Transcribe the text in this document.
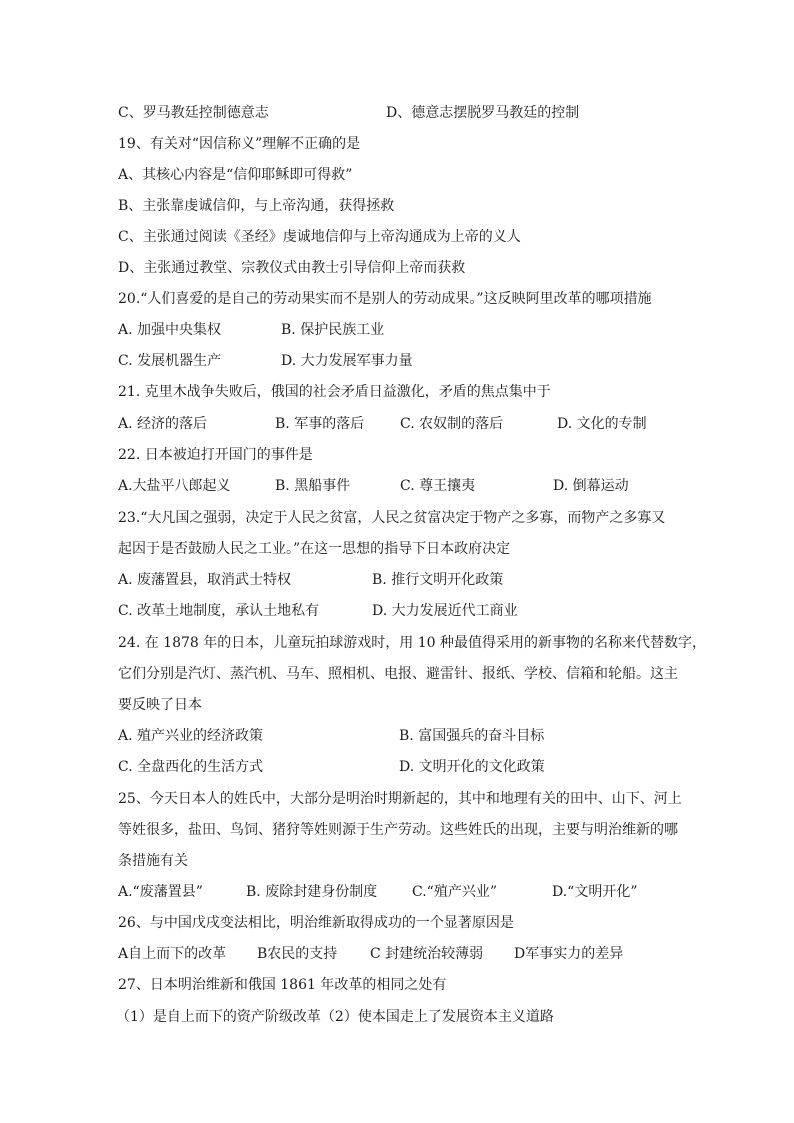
C、罗马教廷控制德意志	D、德意志摆脱罗马教廷的控制
19、有关对“因信称义”理解不正确的是
A、其核心内容是“信仰耶稣即可得救”
B、主张靠虔诚信仰，与上帝沟通，获得拯救
C、主张通过阅读《圣经》虔诚地信仰与上帝沟通成为上帝的义人
D、主张通过教堂、宗教仪式由教士引导信仰上帝而获救
20.“人们喜爱的是自己的劳动果实而不是别人的劳动成果。”这反映阿里改革的哪项措施
A. 加强中央集权	B. 保护民族工业
C. 发展机器生产	D. 大力发展军事力量
21. 克里木战争失败后，俄国的社会矛盾日益激化，矛盾的焦点集中于
A. 经济的落后	B. 军事的落后	C. 农奴制的落后	D. 文化的专制
22. 日本被迫打开国门的事件是
A.大盐平八郎起义	B. 黑船事件	C. 尊王攘夷	D. 倒幕运动
23.“大凡国之强弱，决定于人民之贫富，人民之贫富决定于物产之多寡，而物产之多寡又
起因于是否鼓励人民之工业。”在这一思想的指导下日本政府决定
A. 废藩置县，取消武士特权	B. 推行文明开化政策
C. 改革土地制度，承认土地私有	D. 大力发展近代工商业
24. 在 1878 年的日本，儿童玩拍球游戏时，用 10 种最值得采用的新事物的名称来代替数字，
它们分别是汽灯、蒸汽机、马车、照相机、电报、避雷针、报纸、学校、信箱和轮船。这主
要反映了日本
A. 殖产兴业的经济政策	B. 富国强兵的奋斗目标
C. 全盘西化的生活方式	D. 文明开化的文化政策
25、今天日本人的姓氏中，大部分是明治时期新起的，其中和地理有关的田中、山下、河上
等姓很多，盐田、鸟饲、猪狩等姓则源于生产劳动。这些姓氏的出现，主要与明治维新的哪
条措施有关
A.“废藩置县”	B. 废除封建身份制度 C.“殖产兴业”	D.“文明开化”
26、与中国戊戌变法相比，明治维新取得成功的一个显著原因是
A自上而下的改革 B农民的支持 C 封建统治较薄弱 D军事实力的差异
27、日本明治维新和俄国 1861 年改革的相同之处有
（1）是自上而下的资产阶级改革（2）使本国走上了发展资本主义道路
